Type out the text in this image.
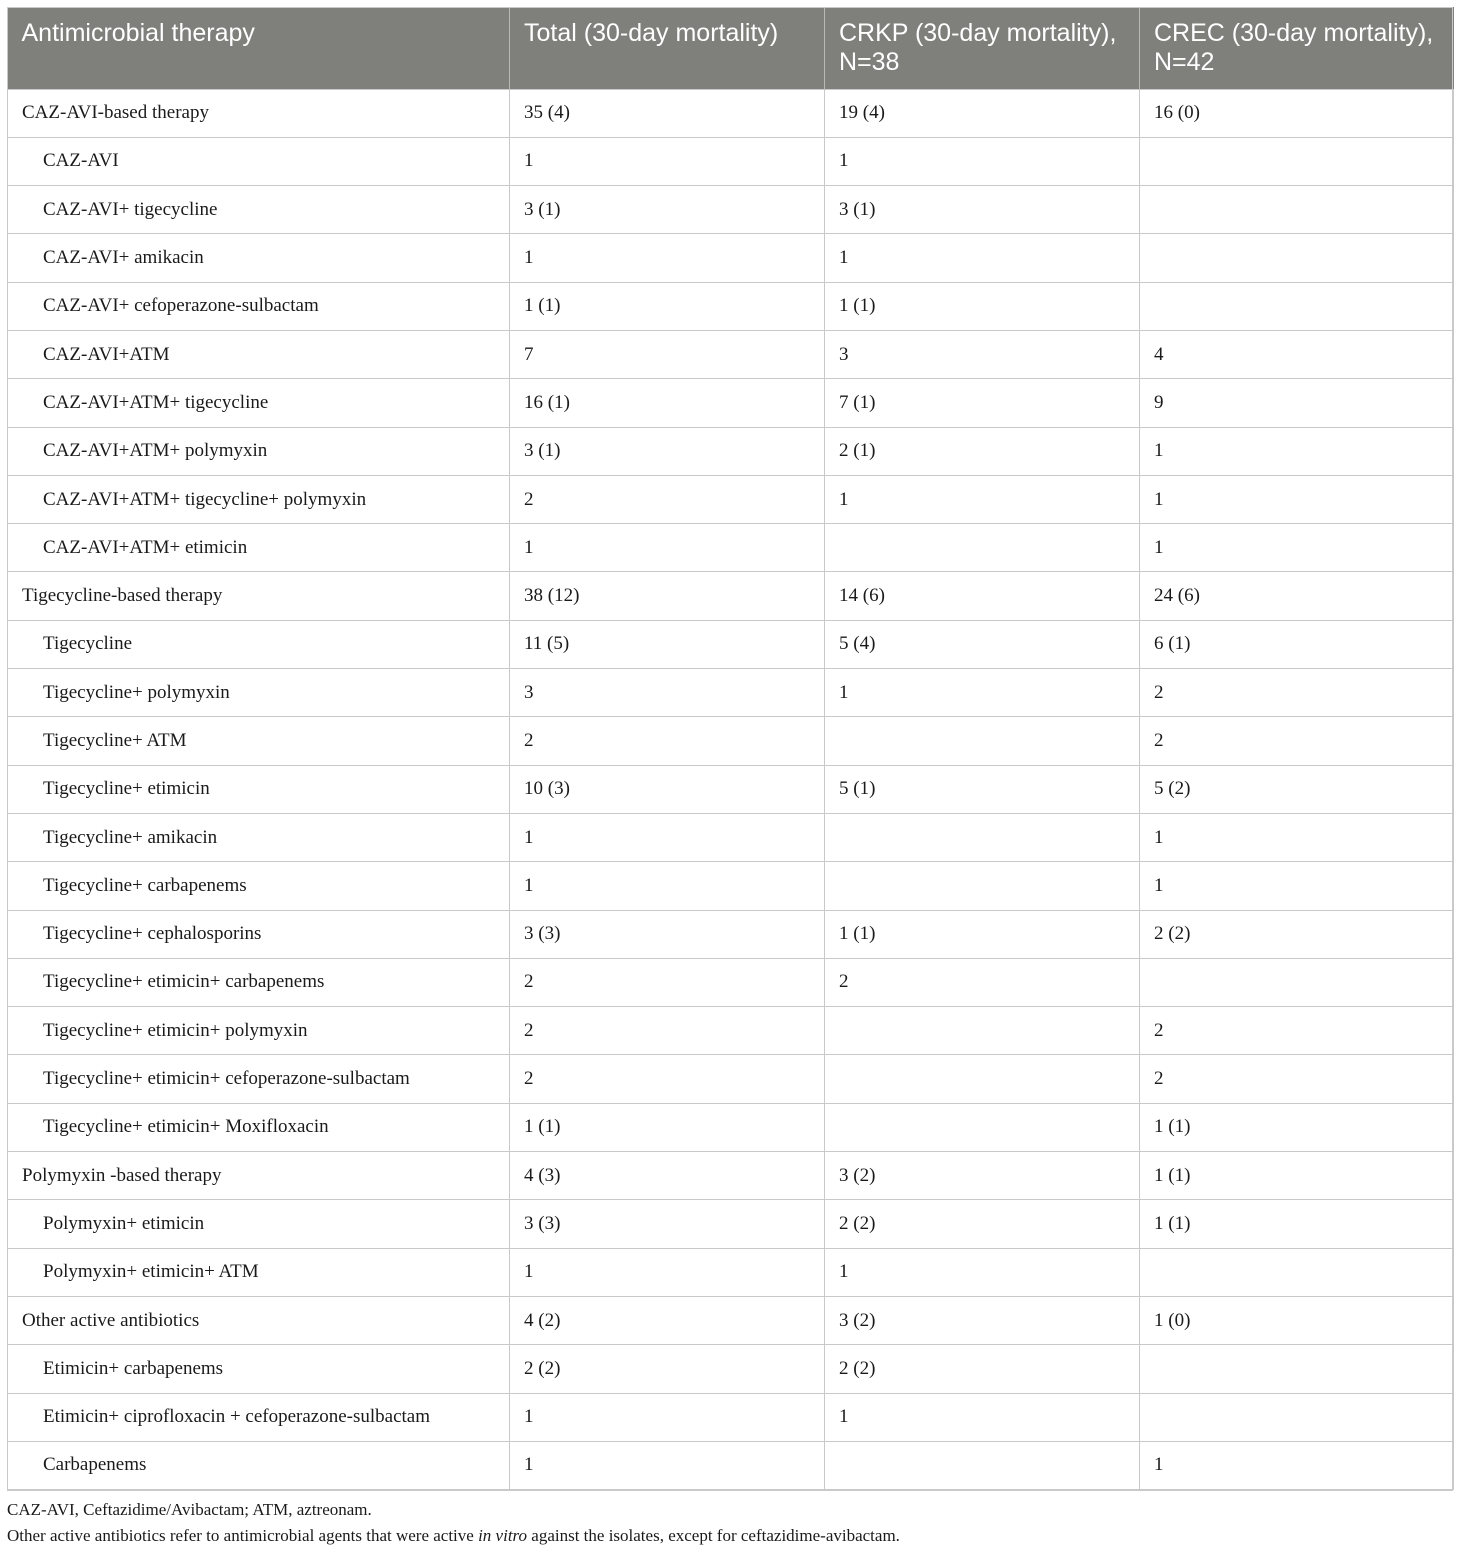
Antimicrobial therapy	Total (30-day mortality)	CRKP (30-day mortality), N=38	CREC (30-day mortality), N=42
CAZ-AVI-based therapy	35 (4)	19 (4)	16 (0)
CAZ-AVI	1	1	
CAZ-AVI+ tigecycline	3 (1)	3 (1)	
CAZ-AVI+ amikacin	1	1	
CAZ-AVI+ cefoperazone-sulbactam	1 (1)	1 (1)	
CAZ-AVI+ATM	7	3	4
CAZ-AVI+ATM+ tigecycline	16 (1)	7 (1)	9
CAZ-AVI+ATM+ polymyxin	3 (1)	2 (1)	1
CAZ-AVI+ATM+ tigecycline+ polymyxin	2	1	1
CAZ-AVI+ATM+ etimicin	1		1
Tigecycline-based therapy	38 (12)	14 (6)	24 (6)
Tigecycline	11 (5)	5 (4)	6 (1)
Tigecycline+ polymyxin	3	1	2
Tigecycline+ ATM	2		2
Tigecycline+ etimicin	10 (3)	5 (1)	5 (2)
Tigecycline+ amikacin	1		1
Tigecycline+ carbapenems	1		1
Tigecycline+ cephalosporins	3 (3)	1 (1)	2 (2)
Tigecycline+ etimicin+ carbapenems	2	2	
Tigecycline+ etimicin+ polymyxin	2		2
Tigecycline+ etimicin+ cefoperazone-sulbactam	2		2
Tigecycline+ etimicin+ Moxifloxacin	1 (1)		1 (1)
Polymyxin -based therapy	4 (3)	3 (2)	1 (1)
Polymyxin+ etimicin	3 (3)	2 (2)	1 (1)
Polymyxin+ etimicin+ ATM	1	1	
Other active antibiotics	4 (2)	3 (2)	1 (0)
Etimicin+ carbapenems	2 (2)	2 (2)	
Etimicin+ ciprofloxacin + cefoperazone-sulbactam	1	1	
Carbapenems	1		1

CAZ-AVI, Ceftazidime/Avibactam; ATM, aztreonam.

Other active antibiotics refer to antimicrobial agents that were active in vitro against the isolates, except for ceftazidime-avibactam.
